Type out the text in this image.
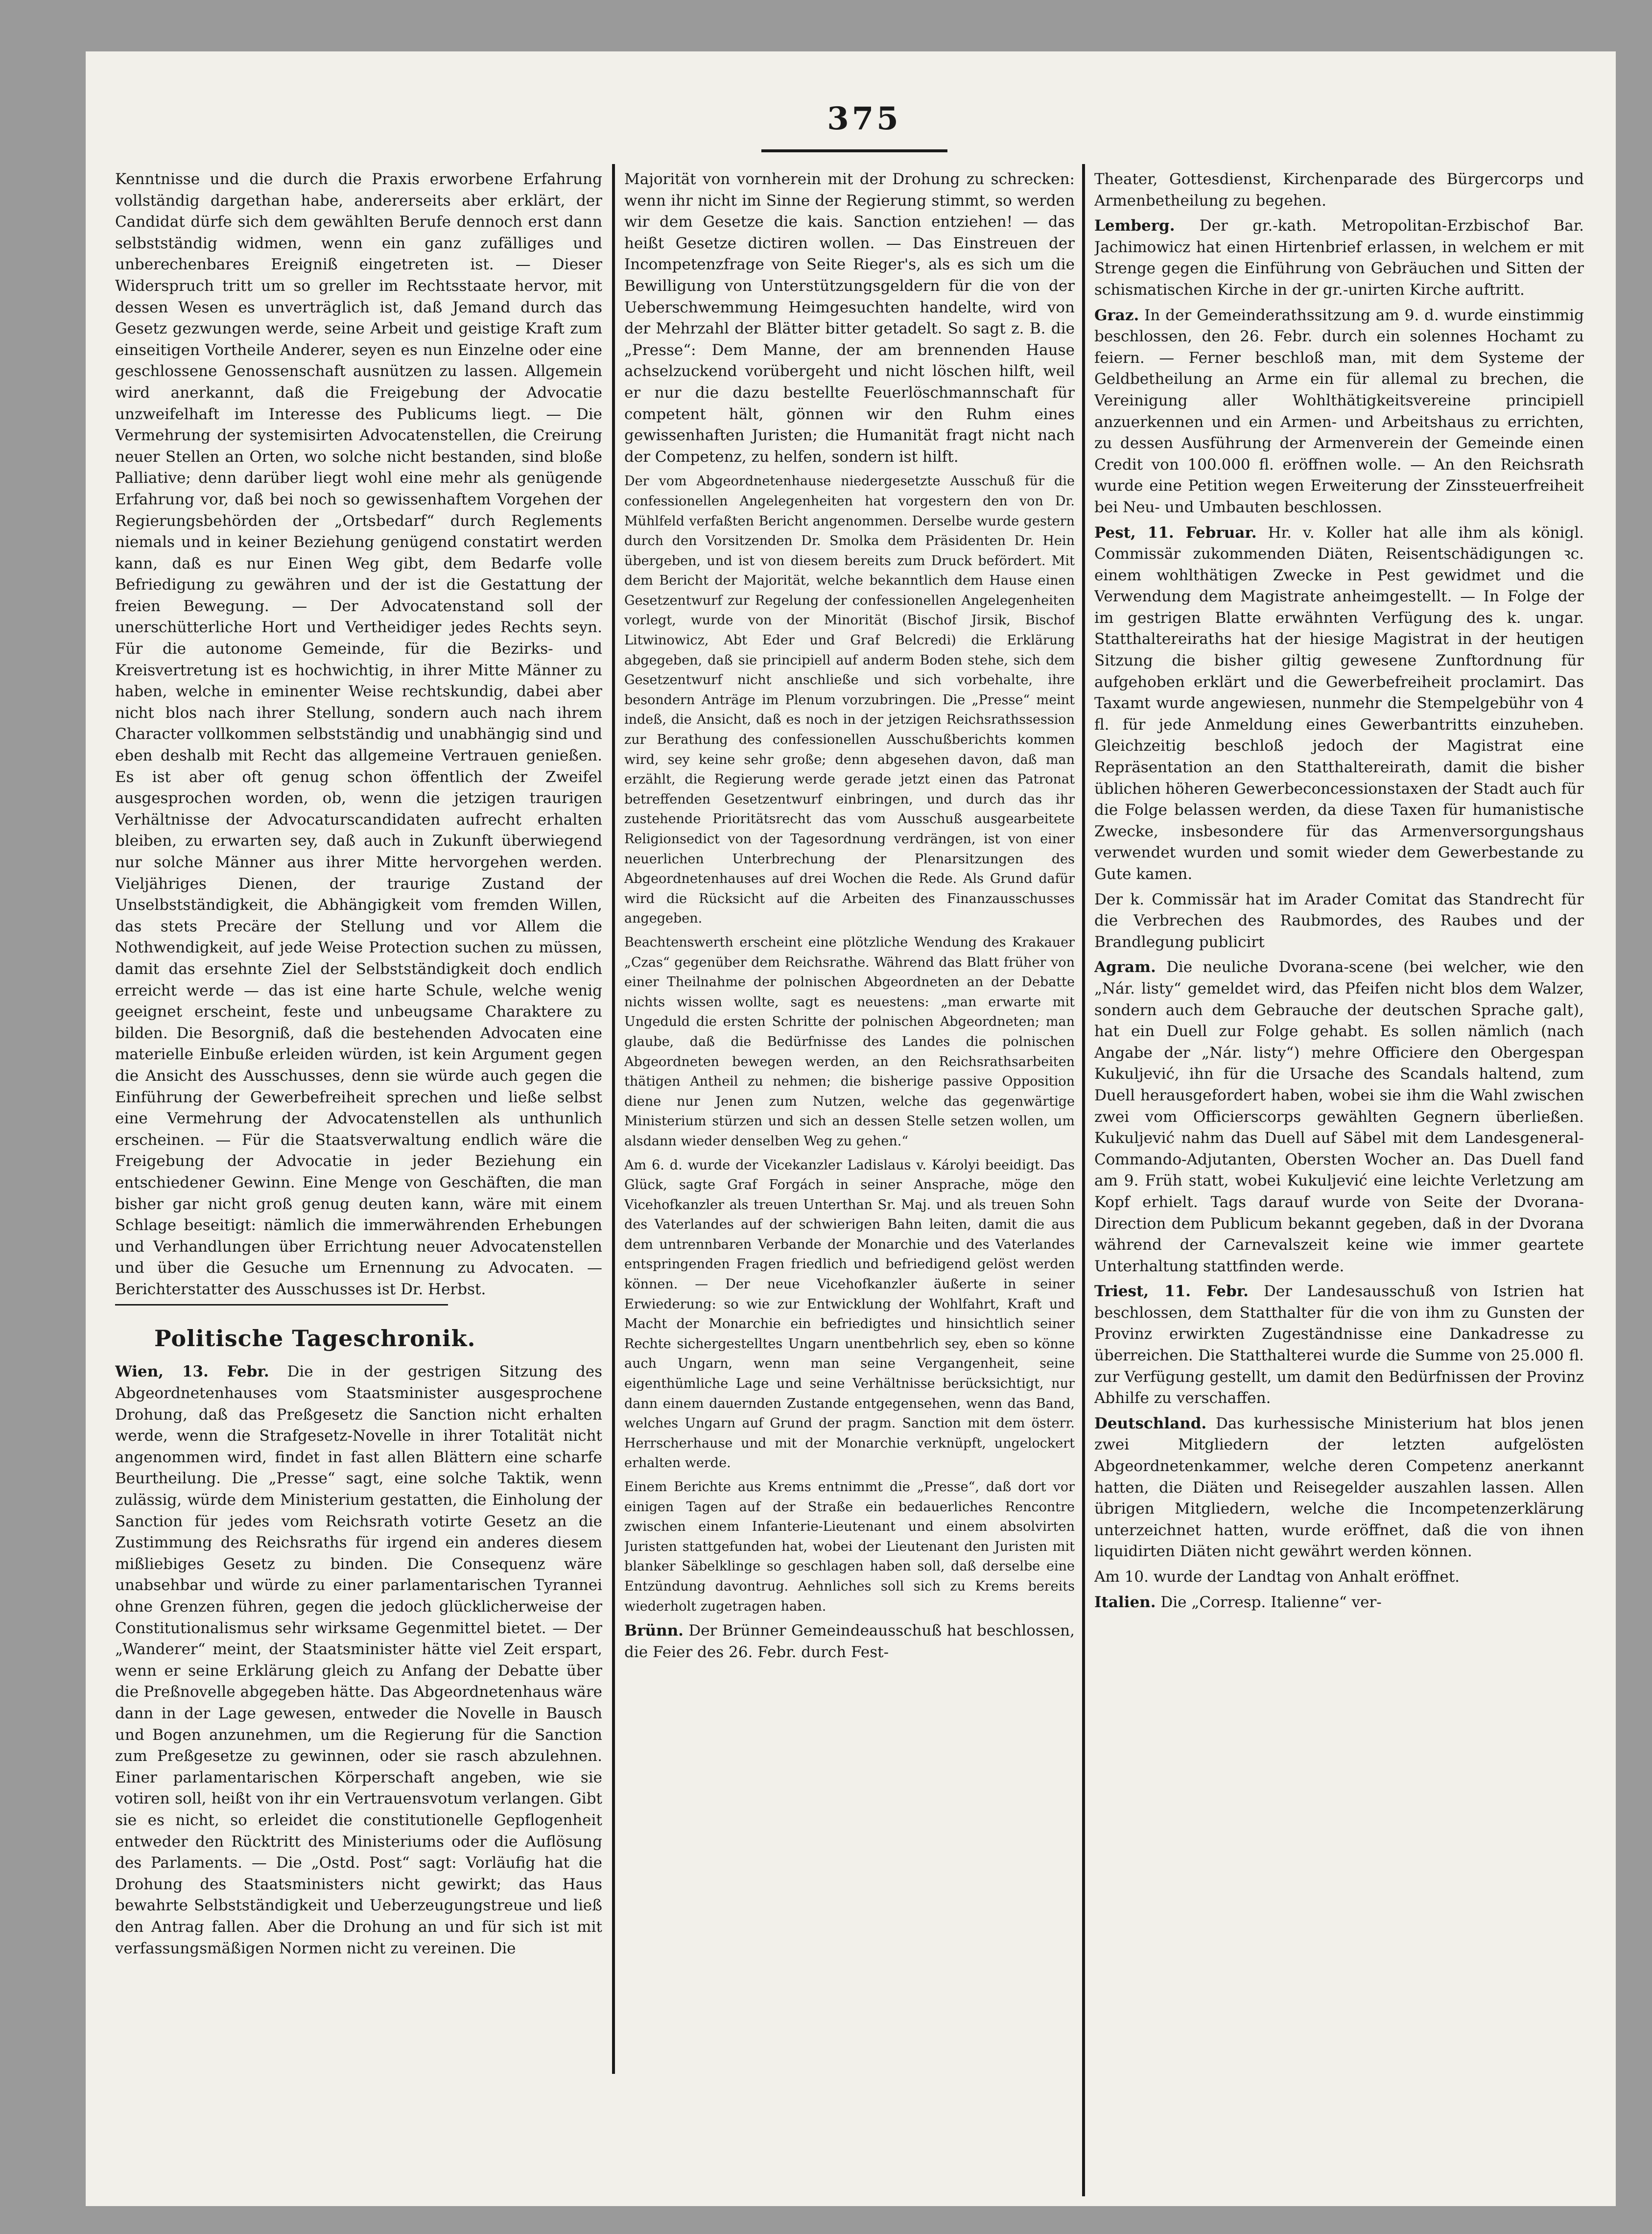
375

Kenntnisse und die durch die Praxis erworbene Erfahrung vollständig dargethan habe, andererseits aber erklärt, der Candidat dürfe sich dem gewählten Berufe dennoch erst dann selbstständig widmen, wenn ein ganz zufälliges und unberechenbares Ereigniß eingetreten ist. — Dieser Widerspruch tritt um so greller im Rechtsstaate hervor, mit dessen Wesen es unverträglich ist, daß Jemand durch das Gesetz gezwungen werde, seine Arbeit und geistige Kraft zum einseitigen Vortheile Anderer, seyen es nun Einzelne oder eine geschlossene Genossenschaft ausnützen zu lassen. Allgemein wird anerkannt, daß die Freigebung der Advocatie unzweifelhaft im Interesse des Publicums liegt. — Die Vermehrung der systemisirten Advocatenstellen, die Creirung neuer Stellen an Orten, wo solche nicht bestanden, sind bloße Palliative; denn darüber liegt wohl eine mehr als genügende Erfahrung vor, daß bei noch so gewissenhaftem Vorgehen der Regierungsbehörden der „Ortsbedarf“ durch Reglements niemals und in keiner Beziehung genügend constatirt werden kann, daß es nur Einen Weg gibt, dem Bedarfe volle Befriedigung zu gewähren und der ist die Gestattung der freien Bewegung. — Der Advocatenstand soll der unerschütterliche Hort und Vertheidiger jedes Rechts seyn. Für die autonome Gemeinde, für die Bezirks- und Kreisvertretung ist es hochwichtig, in ihrer Mitte Männer zu haben, welche in eminenter Weise rechtskundig, dabei aber nicht blos nach ihrer Stellung, sondern auch nach ihrem Character vollkommen selbstständig und unabhängig sind und eben deshalb mit Recht das allgemeine Vertrauen genießen. Es ist aber oft genug schon öffentlich der Zweifel ausgesprochen worden, ob, wenn die jetzigen traurigen Verhältnisse der Advocaturscandidaten aufrecht erhalten bleiben, zu erwarten sey, daß auch in Zukunft überwiegend nur solche Männer aus ihrer Mitte hervorgehen werden. Vieljähriges Dienen, der traurige Zustand der Unselbstständigkeit, die Abhängigkeit vom fremden Willen, das stets Precäre der Stellung und vor Allem die Nothwendigkeit, auf jede Weise Protection suchen zu müssen, damit das ersehnte Ziel der Selbstständigkeit doch endlich erreicht werde — das ist eine harte Schule, welche wenig geeignet erscheint, feste und unbeugsame Charaktere zu bilden. Die Besorgniß, daß die bestehenden Advocaten eine materielle Einbuße erleiden würden, ist kein Argument gegen die Ansicht des Ausschusses, denn sie würde auch gegen die Einführung der Gewerbefreiheit sprechen und ließe selbst eine Vermehrung der Advocatenstellen als unthunlich erscheinen. — Für die Staatsverwaltung endlich wäre die Freigebung der Advocatie in jeder Beziehung ein entschiedener Gewinn. Eine Menge von Geschäften, die man bisher gar nicht groß genug deuten kann, wäre mit einem Schlage beseitigt: nämlich die immerwährenden Erhebungen und Verhandlungen über Errichtung neuer Advocatenstellen und über die Gesuche um Ernennung zu Advocaten. — Berichterstatter des Ausschusses ist Dr. Herbst.

Politische Tageschronik.

Wien, 13. Febr. Die in der gestrigen Sitzung des Abgeordnetenhauses vom Staatsminister ausgesprochene Drohung, daß das Preßgesetz die Sanction nicht erhalten werde, wenn die Strafgesetz-Novelle in ihrer Totalität nicht angenommen wird, findet in fast allen Blättern eine scharfe Beurtheilung. Die „Presse“ sagt, eine solche Taktik, wenn zulässig, würde dem Ministerium gestatten, die Einholung der Sanction für jedes vom Reichsrath votirte Gesetz an die Zustimmung des Reichsraths für irgend ein anderes diesem mißliebiges Gesetz zu binden. Die Consequenz wäre unabsehbar und würde zu einer parlamentarischen Tyrannei ohne Grenzen führen, gegen die jedoch glücklicherweise der Constitutionalismus sehr wirksame Gegenmittel bietet. — Der „Wanderer“ meint, der Staatsminister hätte viel Zeit erspart, wenn er seine Erklärung gleich zu Anfang der Debatte über die Preßnovelle abgegeben hätte. Das Abgeordnetenhaus wäre dann in der Lage gewesen, entweder die Novelle in Bausch und Bogen anzunehmen, um die Regierung für die Sanction zum Preßgesetze zu gewinnen, oder sie rasch abzulehnen. Einer parlamentarischen Körperschaft angeben, wie sie votiren soll, heißt von ihr ein Vertrauensvotum verlangen. Gibt sie es nicht, so erleidet die constitutionelle Gepflogenheit entweder den Rücktritt des Ministeriums oder die Auflösung des Parlaments. — Die „Ostd. Post“ sagt: Vorläufig hat die Drohung des Staatsministers nicht gewirkt; das Haus bewahrte Selbstständigkeit und Ueberzeugungstreue und ließ den Antrag fallen. Aber die Drohung an und für sich ist mit verfassungsmäßigen Normen nicht zu vereinen. Die

Majorität von vornherein mit der Drohung zu schrecken: wenn ihr nicht im Sinne der Regierung stimmt, so werden wir dem Gesetze die kais. Sanction entziehen! — das heißt Gesetze dictiren wollen. — Das Einstreuen der Incompetenzfrage von Seite Rieger's, als es sich um die Bewilligung von Unterstützungsgeldern für die von der Ueberschwemmung Heimgesuchten handelte, wird von der Mehrzahl der Blätter bitter getadelt. So sagt z. B. die „Presse“: Dem Manne, der am brennenden Hause achselzuckend vorübergeht und nicht löschen hilft, weil er nur die dazu bestellte Feuerlöschmannschaft für competent hält, gönnen wir den Ruhm eines gewissenhaften Juristen; die Humanität fragt nicht nach der Competenz, zu helfen, sondern ist hilft.

Der vom Abgeordnetenhause niedergesetzte Ausschuß für die confessionellen Angelegenheiten hat vorgestern den von Dr. Mühlfeld verfaßten Bericht angenommen. Derselbe wurde gestern durch den Vorsitzenden Dr. Smolka dem Präsidenten Dr. Hein übergeben, und ist von diesem bereits zum Druck befördert. Mit dem Bericht der Majorität, welche bekanntlich dem Hause einen Gesetzentwurf zur Regelung der confessionellen Angelegenheiten vorlegt, wurde von der Minorität (Bischof Jirsik, Bischof Litwinowicz, Abt Eder und Graf Belcredi) die Erklärung abgegeben, daß sie principiell auf anderm Boden stehe, sich dem Gesetzentwurf nicht anschließe und sich vorbehalte, ihre besondern Anträge im Plenum vorzubringen. Die „Presse“ meint indeß, die Ansicht, daß es noch in der jetzigen Reichsrathssession zur Berathung des confessionellen Ausschußberichts kommen wird, sey keine sehr große; denn abgesehen davon, daß man erzählt, die Regierung werde gerade jetzt einen das Patronat betreffenden Gesetzentwurf einbringen, und durch das ihr zustehende Prioritätsrecht das vom Ausschuß ausgearbeitete Religionsedict von der Tagesordnung verdrängen, ist von einer neuerlichen Unterbrechung der Plenarsitzungen des Abgeordnetenhauses auf drei Wochen die Rede. Als Grund dafür wird die Rücksicht auf die Arbeiten des Finanzausschusses angegeben.

Beachtenswerth erscheint eine plötzliche Wendung des Krakauer „Czas“ gegenüber dem Reichsrathe. Während das Blatt früher von einer Theilnahme der polnischen Abgeordneten an der Debatte nichts wissen wollte, sagt es neuestens: „man erwarte mit Ungeduld die ersten Schritte der polnischen Abgeordneten; man glaube, daß die Bedürfnisse des Landes die polnischen Abgeordneten bewegen werden, an den Reichsrathsarbeiten thätigen Antheil zu nehmen; die bisherige passive Opposition diene nur Jenen zum Nutzen, welche das gegenwärtige Ministerium stürzen und sich an dessen Stelle setzen wollen, um alsdann wieder denselben Weg zu gehen.“

Am 6. d. wurde der Vicekanzler Ladislaus v. Károlyi beeidigt. Das Glück, sagte Graf Forgách in seiner Ansprache, möge den Vicehofkanzler als treuen Unterthan Sr. Maj. und als treuen Sohn des Vaterlandes auf der schwierigen Bahn leiten, damit die aus dem untrennbaren Verbande der Monarchie und des Vaterlandes entspringenden Fragen friedlich und befriedigend gelöst werden können. — Der neue Vicehofkanzler äußerte in seiner Erwiederung: so wie zur Entwicklung der Wohlfahrt, Kraft und Macht der Monarchie ein befriedigtes und hinsichtlich seiner Rechte sichergestelltes Ungarn unentbehrlich sey, eben so könne auch Ungarn, wenn man seine Vergangenheit, seine eigenthümliche Lage und seine Verhältnisse berücksichtigt, nur dann einem dauernden Zustande entgegensehen, wenn das Band, welches Ungarn auf Grund der pragm. Sanction mit dem österr. Herrscherhause und mit der Monarchie verknüpft, ungelockert erhalten werde.

Einem Berichte aus Krems entnimmt die „Presse“, daß dort vor einigen Tagen auf der Straße ein bedauerliches Rencontre zwischen einem Infanterie-Lieutenant und einem absolvirten Juristen stattgefunden hat, wobei der Lieutenant den Juristen mit blanker Säbelklinge so geschlagen haben soll, daß derselbe eine Entzündung davontrug. Aehnliches soll sich zu Krems bereits wiederholt zugetragen haben.

Brünn. Der Brünner Gemeindeausschuß hat beschlossen, die Feier des 26. Febr. durch Fest-

Theater, Gottesdienst, Kirchenparade des Bürgercorps und Armenbetheilung zu begehen.

Lemberg. Der gr.-kath. Metropolitan-Erzbischof Bar. Jachimowicz hat einen Hirtenbrief erlassen, in welchem er mit Strenge gegen die Einführung von Gebräuchen und Sitten der schismatischen Kirche in der gr.-unirten Kirche auftritt.

Graz. In der Gemeinderathssitzung am 9. d. wurde einstimmig beschlossen, den 26. Febr. durch ein solennes Hochamt zu feiern. — Ferner beschloß man, mit dem Systeme der Geldbetheilung an Arme ein für allemal zu brechen, die Vereinigung aller Wohlthätigkeitsvereine principiell anzuerkennen und ein Armen- und Arbeitshaus zu errichten, zu dessen Ausführung der Armenverein der Gemeinde einen Credit von 100.000 fl. eröffnen wolle. — An den Reichsrath wurde eine Petition wegen Erweiterung der Zinssteuerfreiheit bei Neu- und Umbauten beschlossen.

Pest, 11. Februar. Hr. v. Koller hat alle ihm als königl. Commissär zukommenden Diäten, Reisentschädigungen ꝛc. einem wohlthätigen Zwecke in Pest gewidmet und die Verwendung dem Magistrate anheimgestellt. — In Folge der im gestrigen Blatte erwähnten Verfügung des k. ungar. Statthaltereiraths hat der hiesige Magistrat in der heutigen Sitzung die bisher giltig gewesene Zunftordnung für aufgehoben erklärt und die Gewerbefreiheit proclamirt. Das Taxamt wurde angewiesen, nunmehr die Stempelgebühr von 4 fl. für jede Anmeldung eines Gewerbantritts einzuheben. Gleichzeitig beschloß jedoch der Magistrat eine Repräsentation an den Statthaltereirath, damit die bisher üblichen höheren Gewerbeconcessionstaxen der Stadt auch für die Folge belassen werden, da diese Taxen für humanistische Zwecke, insbesondere für das Armenversorgungshaus verwendet wurden und somit wieder dem Gewerbestande zu Gute kamen.

Der k. Commissär hat im Arader Comitat das Standrecht für die Verbrechen des Raubmordes, des Raubes und der Brandlegung publicirt

Agram. Die neuliche Dvorana-scene (bei welcher, wie den „Nár. listy“ gemeldet wird, das Pfeifen nicht blos dem Walzer, sondern auch dem Gebrauche der deutschen Sprache galt), hat ein Duell zur Folge gehabt. Es sollen nämlich (nach Angabe der „Nár. listy“) mehre Officiere den Obergespan Kukuljević, ihn für die Ursache des Scandals haltend, zum Duell herausgefordert haben, wobei sie ihm die Wahl zwischen zwei vom Officierscorps gewählten Gegnern überließen. Kukuljević nahm das Duell auf Säbel mit dem Landesgeneral-Commando-Adjutanten, Obersten Wocher an. Das Duell fand am 9. Früh statt, wobei Kukuljević eine leichte Verletzung am Kopf erhielt. Tags darauf wurde von Seite der Dvorana-Direction dem Publicum bekannt gegeben, daß in der Dvorana während der Carnevalszeit keine wie immer geartete Unterhaltung stattfinden werde.

Triest, 11. Febr. Der Landesausschuß von Istrien hat beschlossen, dem Statthalter für die von ihm zu Gunsten der Provinz erwirkten Zugeständnisse eine Dankadresse zu überreichen. Die Statthalterei wurde die Summe von 25.000 fl. zur Verfügung gestellt, um damit den Bedürfnissen der Provinz Abhilfe zu verschaffen.

Deutschland. Das kurhessische Ministerium hat blos jenen zwei Mitgliedern der letzten aufgelösten Abgeordnetenkammer, welche deren Competenz anerkannt hatten, die Diäten und Reisegelder auszahlen lassen. Allen übrigen Mitgliedern, welche die Incompetenzerklärung unterzeichnet hatten, wurde eröffnet, daß die von ihnen liquidirten Diäten nicht gewährt werden können.

Am 10. wurde der Landtag von Anhalt eröffnet.

Italien. Die „Corresp. Italienne“ ver-
